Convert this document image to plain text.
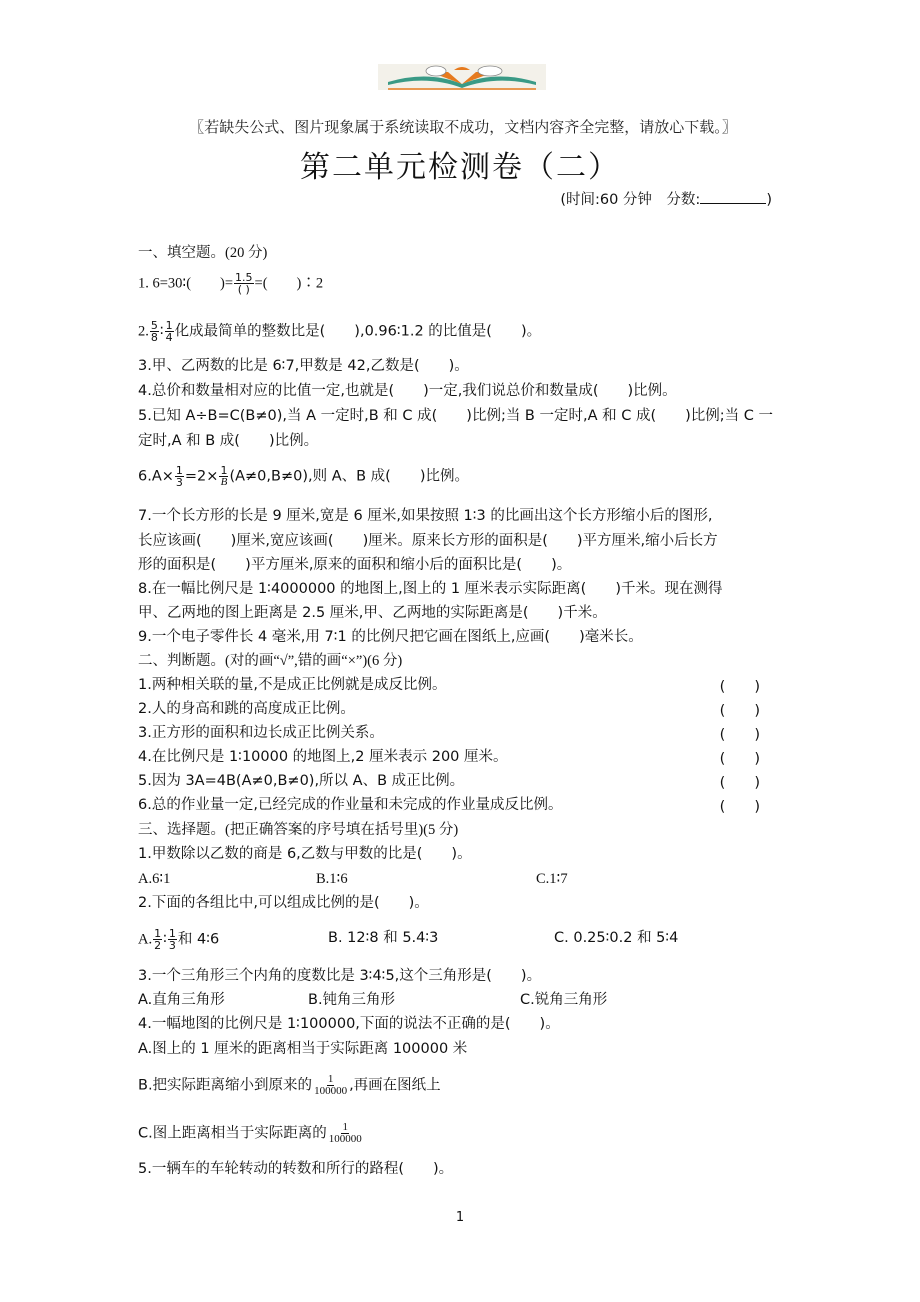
〖若缺失公式、图片现象属于系统读取不成功，文档内容齐全完整，请放心下载。〗
第二单元检测卷（二）
(时间:60 分钟　分数:	)
一、填空题。(20 分)
1. 6=30∶(　　)= $\frac{1.5}{( )}$ =(　　)∶2
2. $\frac{5}{8}$ ∶ $\frac{1}{4}$ 化成最简单的整数比是(　　),0.96∶1.2 的比值是(　　)。
3.甲、乙两数的比是 6∶7,甲数是 42,乙数是(　　)。
4.总价和数量相对应的比值一定,也就是(　　)一定,我们说总价和数量成(　　)比例。
5.已知 A÷B=C(B≠0),当 A 一定时,B 和 C 成(　　)比例;当 B 一定时,A 和 C 成(　　)比例;当 C 一
定时,A 和 B 成(　　)比例。
$6.A\times \frac{1}{3} =2\times \frac{1}{B} (A\ne 0,B\ne 0)$,则 A、B 成(　　)比例。
7.一个长方形的长是 9 厘米,宽是 6 厘米,如果按照 1∶3 的比画出这个长方形缩小后的图形,
长应该画(　　)厘米,宽应该画(　　)厘米。原来长方形的面积是(　　)平方厘米,缩小后长方
形的面积是(　　)平方厘米,原来的面积和缩小后的面积比是(　　)。
8.在一幅比例尺是 1∶4000000 的地图上,图上的 1 厘米表示实际距离(　　)千米。现在测得
甲、乙两地的图上距离是 2.5 厘米,甲、乙两地的实际距离是(　　)千米。
9.一个电子零件长 4 毫米,用 7∶1 的比例尺把它画在图纸上,应画(　　)毫米长。
二、判断题。(对的画“√”,错的画“×”)(6 分)
1.两种相关联的量,不是成正比例就是成反比例。	(　　)
2.人的身高和跳的高度成正比例。	(　　)
3.正方形的面积和边长成正比例关系。	(　　)
4.在比例尺是 1∶10000 的地图上,2 厘米表示 200 厘米。	(　　)
5.因为 3A=4B(A≠0,B≠0),所以 A、B 成正比例。	(　　)
6.总的作业量一定,已经完成的作业量和未完成的作业量成反比例。	(　　)
三、选择题。(把正确答案的序号填在括号里)(5 分)
1.甲数除以乙数的商是 6,乙数与甲数的比是(　　)。
A.6∶1	B.1∶6	C.1∶7
2.下面的各组比中,可以组成比例的是(　　)。
A. $\frac{1}{2}$ ∶ $\frac{1}{3}$ 和 4∶6	B. 12∶8 和 5.4∶3	C. 0.25∶0.2 和 5∶4
3.一个三角形三个内角的度数比是 3∶4∶5,这个三角形是(　　)。
A.直角三角形	B.钝角三角形	C.锐角三角形
4.一幅地图的比例尺是 1∶100000,下面的说法不正确的是(　　)。
A.图上的 1 厘米的距离相当于实际距离 100000 米
B.把实际距离缩小到原来的 $\frac{1}{100000}$ ,再画在图纸上
C.图上距离相当于实际距离的 $\frac{1}{100000}$
5.一辆车的车轮转动的转数和所行的路程(　　)。
1
